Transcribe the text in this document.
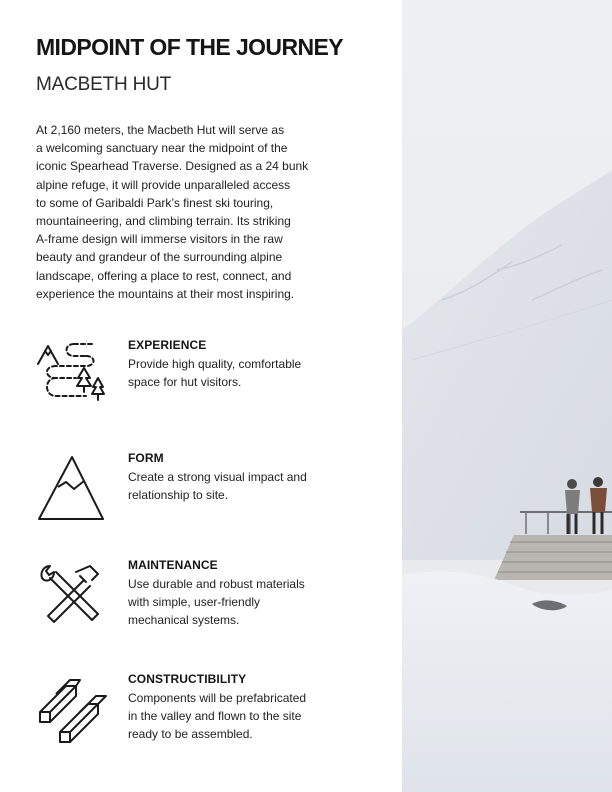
MIDPOINT OF THE JOURNEY
MACBETH HUT

At 2,160 meters, the Macbeth Hut will serve as
a welcoming sanctuary near the midpoint of the
iconic Spearhead Traverse. Designed as a 24 bunk
alpine refuge, it will provide unparalleled access
to some of Garibaldi Park’s finest ski touring,
mountaineering, and climbing terrain. Its striking
A-frame design will immerse visitors in the raw
beauty and grandeur of the surrounding alpine
landscape, offering a place to rest, connect, and
experience the mountains at their most inspiring.

EXPERIENCE
Provide high quality, comfortable
space for hut visitors.
FORM
Create a strong visual impact and
relationship to site.
MAINTENANCE
Use durable and robust materials
with simple, user-friendly
mechanical systems.
CONSTRUCTIBILITY
Components will be prefabricated
in the valley and flown to the site
ready to be assembled.
